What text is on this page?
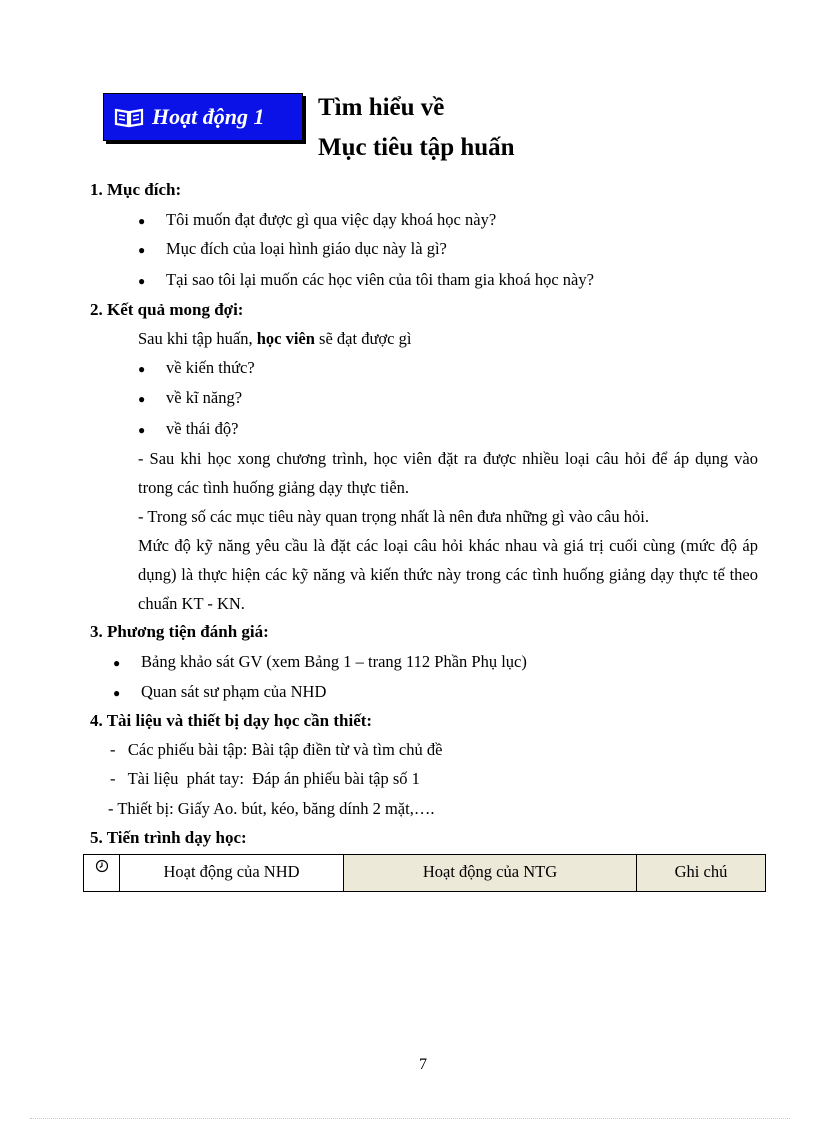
Hoạt động 1 Tìm hiểu về
Mục tiêu tập huấn
1. Mục đích:
●	Tôi muốn đạt được gì qua việc dạy khoá học này?
●	Mục đích của loại hình giáo dục này là gì?
●	Tại sao tôi lại muốn các học viên của tôi tham gia khoá học này?
2. Kết quả mong đợi:
Sau khi tập huấn, học viên sẽ đạt được gì
●	về kiến thức?
●	về kĩ năng?
●	về thái độ?
- Sau khi học xong chương trình, học viên đặt ra được nhiều loại câu hỏi để áp dụng vào trong các tình huống giảng dạy thực tiễn.
- Trong số các mục tiêu này quan trọng nhất là nên đưa những gì vào câu hỏi.
Mức độ kỹ năng yêu cầu là đặt các loại câu hỏi khác nhau và giá trị cuối cùng (mức độ áp dụng) là thực hiện các kỹ năng và kiến thức này trong các tình huống giảng dạy thực tế theo chuẩn KT - KN.
3. Phương tiện đánh giá:
●	Bảng khảo sát GV (xem Bảng 1 – trang 112 Phần Phụ lục)
●	Quan sát sư phạm của NHD
4. Tài liệu và thiết bị dạy học cần thiết:
-   Các phiếu bài tập: Bài tập điền từ và tìm chủ đề
-   Tài liệu  phát tay:  Đáp án phiếu bài tập số 1
- Thiết bị: Giấy Ao. bút, kéo, băng dính 2 mặt,….
5. Tiến trình dạy học:
	Hoạt động của NHD	Hoạt động của NTG	Ghi chú
7
